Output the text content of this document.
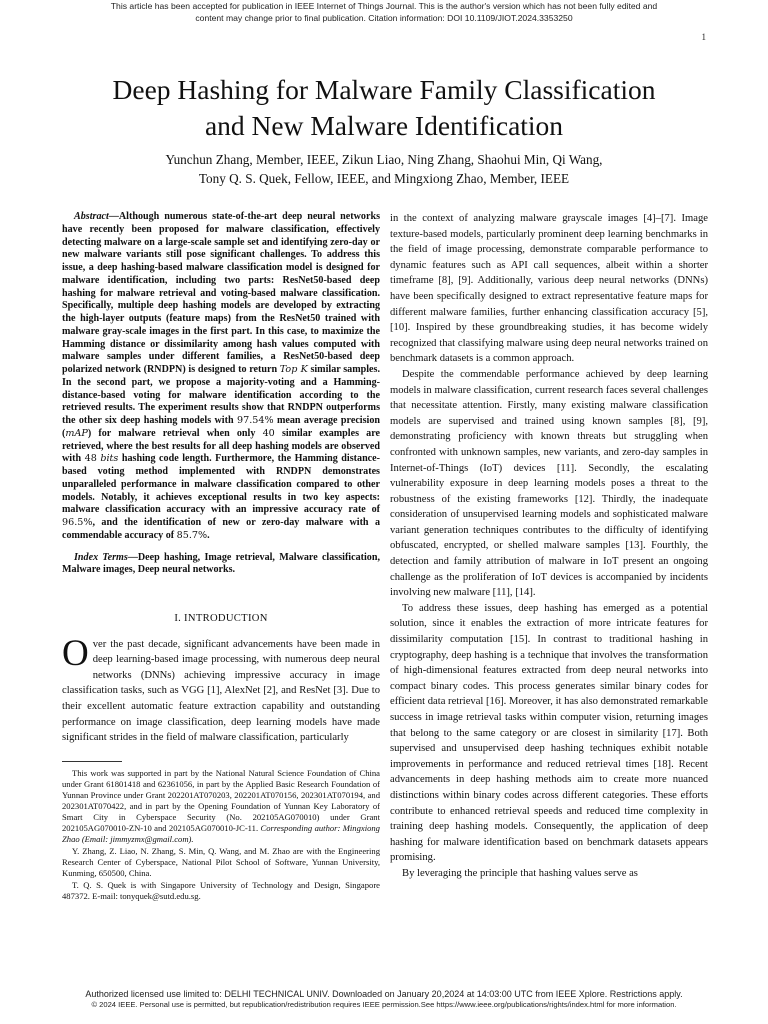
This article has been accepted for publication in IEEE Internet of Things Journal. This is the author's version which has not been fully edited and
content may change prior to final publication. Citation information: DOI 10.1109/JIOT.2024.3353250
1
Deep Hashing for Malware Family Classification
and New Malware Identification
Yunchun Zhang, Member, IEEE, Zikun Liao, Ning Zhang, Shaohui Min, Qi Wang,
Tony Q. S. Quek, Fellow, IEEE, and Mingxiong Zhao, Member, IEEE

Abstract—Although numerous state-of-the-art deep neural networks have recently been proposed for malware classification, effectively detecting malware on a large-scale sample set and identifying zero-day or new malware variants still pose significant challenges. To address this issue, a deep hashing-based malware classification model is designed for malware identification, including two parts: ResNet50-based deep hashing for malware retrieval and voting-based malware classification. Specifically, multiple deep hashing models are developed by extracting the high-layer outputs (feature maps) from the ResNet50 trained with malware gray-scale images in the first part. In this case, to maximize the Hamming distance or dissimilarity among hash values computed with malware samples under different families, a ResNet50-based deep polarized network (RNDPN) is designed to return Top K similar samples. In the second part, we propose a majority-voting and a Hamming-distance-based voting for malware identification according to the retrieved results. The experiment results show that RNDPN outperforms the other six deep hashing models with 97.54% mean average precision (mAP) for malware retrieval when only 40 similar examples are retrieved, where the best results for all deep hashing models are observed with 48 bits hashing code length. Furthermore, the Hamming distance-based voting method implemented with RNDPN demonstrates unparalleled performance in malware classification compared to other models. Notably, it achieves exceptional results in two key aspects: malware classification accuracy with an impressive accuracy rate of 96.5%, and the identification of new or zero-day malware with a commendable accuracy of 85.7%.

Index Terms—Deep hashing, Image retrieval, Malware classification, Malware images, Deep neural networks.

I. INTRODUCTION

Over the past decade, significant advancements have been made in deep learning-based image processing, with numerous deep neural networks (DNNs) achieving impressive accuracy in image classification tasks, such as VGG [1], AlexNet [2], and ResNet [3]. Due to their excellent automatic feature extraction capability and outstanding performance on image classification, deep learning models have made significant strides in the field of malware classification, particularly

This work was supported in part by the National Natural Science Foundation of China under Grant 61801418 and 62361056, in part by the Applied Basic Research Foundation of Yunnan Province under Grant 202201AT070203, 202201AT070156, 202301AT070194, and 202301AT070422, and in part by the Opening Foundation of Yunnan Key Laboratory of Smart City in Cyberspace Security (No. 202105AG070010) under Grant 202105AG070010-ZN-10 and 202105AG070010-JC-11. Corresponding author: Mingxiong Zhao (Email: jimmyzmx@gmail.com).

Y. Zhang, Z. Liao, N. Zhang, S. Min, Q. Wang, and M. Zhao are with the Engineering Research Center of Cyberspace, National Pilot School of Software, Yunnan University, Kunming, 650500, China.

T. Q. S. Quek is with Singapore University of Technology and Design, Singapore 487372. E-mail: tonyquek@sutd.edu.sg.

in the context of analyzing malware grayscale images [4]–[7]. Image texture-based models, particularly prominent deep learning benchmarks in the field of image processing, demonstrate comparable performance to dynamic features such as API call sequences, albeit within a shorter timeframe [8], [9]. Additionally, various deep neural networks (DNNs) have been specifically designed to extract representative feature maps for different malware families, further enhancing classification accuracy [5], [10]. Inspired by these groundbreaking studies, it has become widely recognized that classifying malware using deep neural networks trained on benchmark datasets is a common approach.

Despite the commendable performance achieved by deep learning models in malware classification, current research faces several challenges that necessitate attention. Firstly, many existing malware classification models are supervised and trained using known samples [8], [9], demonstrating proficiency with known threats but struggling when confronted with unknown samples, new variants, and zero-day samples in Internet-of-Things (IoT) devices [11]. Secondly, the escalating vulnerability exposure in deep learning models poses a threat to the robustness of the existing frameworks [12]. Thirdly, the inadequate consideration of unsupervised learning models and sophisticated malware variant generation techniques contributes to the difficulty of identifying obfuscated, encrypted, or shelled malware samples [13]. Fourthly, the detection and family attribution of malware in IoT present an ongoing challenge as the proliferation of IoT devices is accompanied by incidents involving new malware [11], [14].

To address these issues, deep hashing has emerged as a potential solution, since it enables the extraction of more intricate features for dissimilarity computation [15]. In contrast to traditional hashing in cryptography, deep hashing is a technique that involves the transformation of high-dimensional features extracted from deep neural networks into compact binary codes. This process generates similar binary codes for efficient data retrieval [16]. Moreover, it has also demonstrated remarkable success in image retrieval tasks within computer vision, returning images that belong to the same category or are closest in similarity [17]. Both supervised and unsupervised deep hashing techniques exhibit notable improvements in performance and reduced retrieval times [18]. Recent advancements in deep hashing methods aim to create more nuanced distinctions within binary codes across different categories. These efforts contribute to enhanced retrieval speeds and reduced time complexity in training deep hashing models. Consequently, the application of deep hashing for malware identification based on benchmark datasets appears promising.

By leveraging the principle that hashing values serve as

Authorized licensed use limited to: DELHI TECHNICAL UNIV. Downloaded on January 20,2024 at 14:03:00 UTC from IEEE Xplore. Restrictions apply.
© 2024 IEEE. Personal use is permitted, but republication/redistribution requires IEEE permission.See https://www.ieee.org/publications/rights/index.html for more information.
